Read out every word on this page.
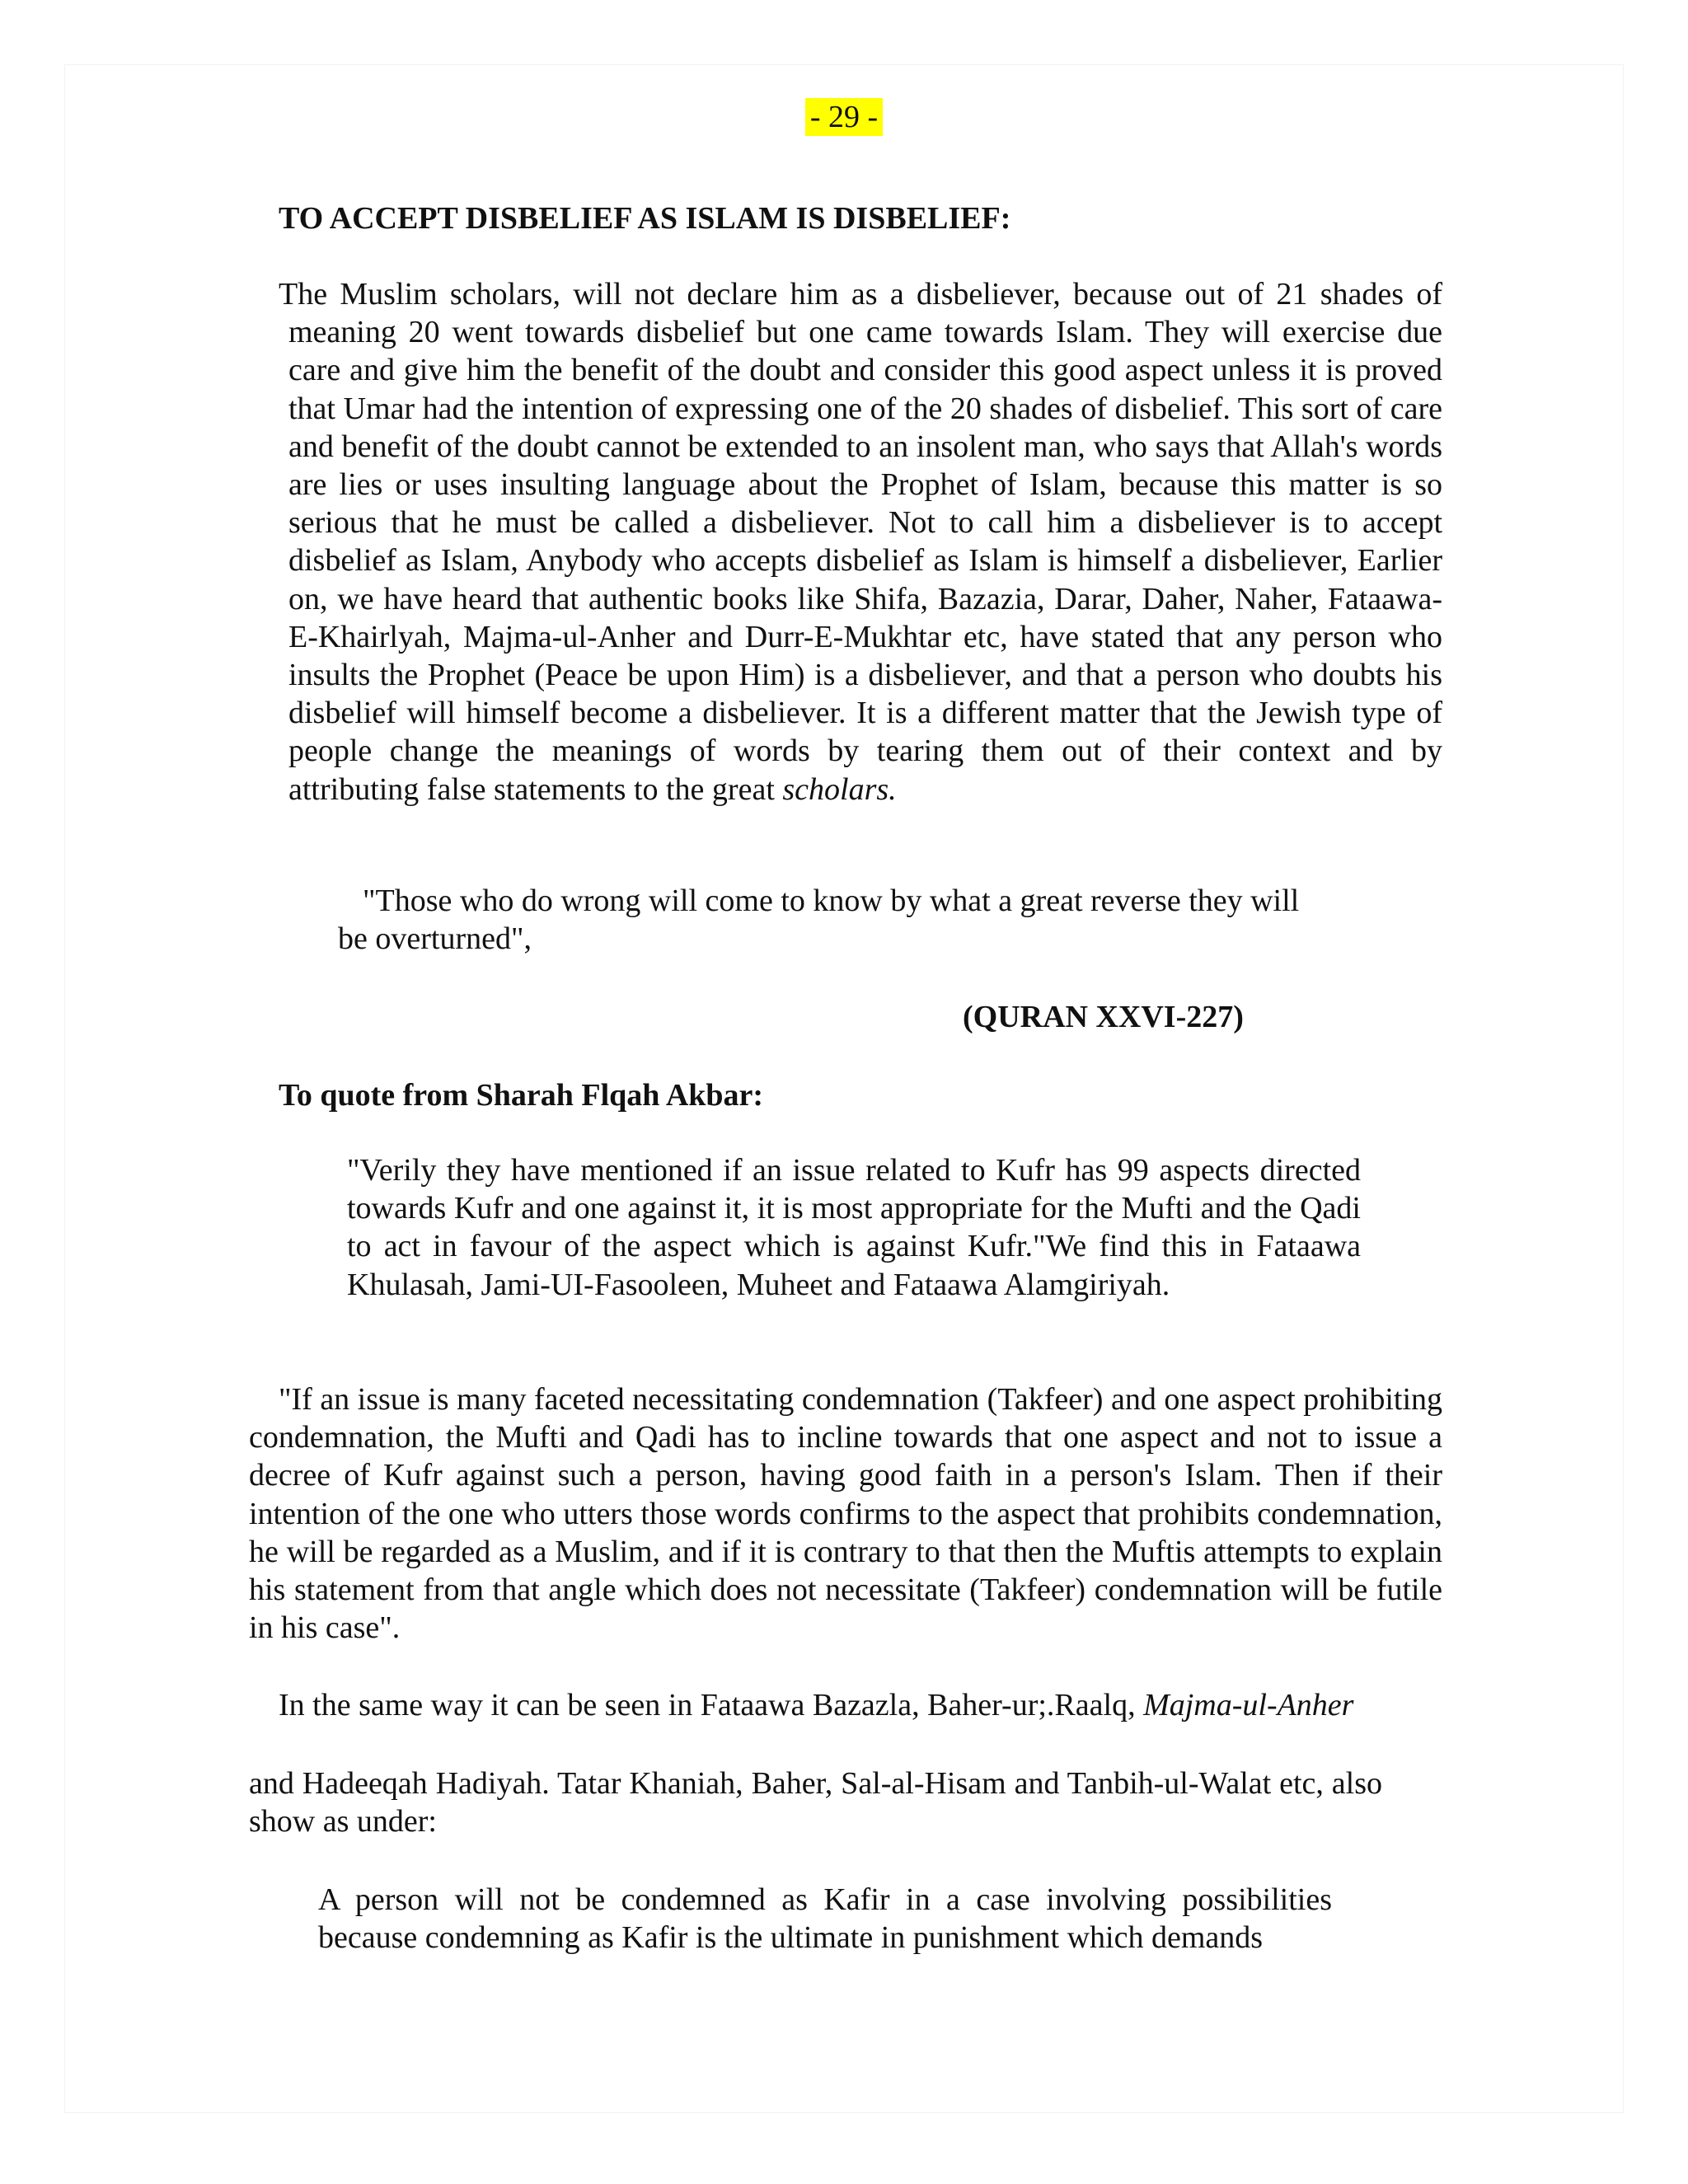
- 29 -
TO ACCEPT DISBELIEF AS ISLAM IS DISBELIEF:
The Muslim scholars, will not declare him as a disbeliever, because out of 21 shades of
meaning 20 went towards disbelief but one came towards Islam. They will exercise due care and give him the benefit of the doubt and consider this good aspect unless it is proved that Umar had the intention of expressing one of the 20 shades of disbelief. This sort of care and benefit of the doubt cannot be extended to an insolent man, who says that Allah's words are lies or uses insulting language about the Prophet of Islam, because this matter is so serious that he must be called a disbeliever. Not to call him a disbeliever is to accept disbelief as Islam, Anybody who accepts disbelief as Islam is himself a disbeliever, Earlier on, we have heard that authentic books like Shifa, Bazazia, Darar, Daher, Naher, Fataawa-E-Khairlyah, Majma-ul-Anher and Durr-E-Mukhtar etc, have stated that any person who insults the Prophet (Peace be upon Him) is a disbeliever, and that a person who doubts his disbelief will himself become a disbeliever. It is a different matter that the Jewish type of people change the meanings of words by tearing them out of their context and by attributing false statements to the great scholars.
"Those who do wrong will come to know by what a great reverse they will
be overturned",
(QURAN XXVI-227)
To quote from Sharah Flqah Akbar:
"Verily they have mentioned if an issue related to Kufr has 99 aspects directed towards Kufr and one against it, it is most appropriate for the Mufti and the Qadi to act in favour of the aspect which is against Kufr."We find this in Fataawa Khulasah, Jami-UI-Fasooleen, Muheet and Fataawa Alamgiriyah.
"If an issue is many faceted necessitating condemnation (Takfeer) and one aspect prohibiting condemnation, the Mufti and Qadi has to incline towards that one aspect and not to issue a decree of Kufr against such a person, having good faith in a person's Islam. Then if their intention of the one who utters those words confirms to the aspect that prohibits condemnation, he will be regarded as a Muslim, and if it is contrary to that then the Muftis attempts to explain his statement from that angle which does not necessitate (Takfeer) condemnation will be futile in his case".
In the same way it can be seen in Fataawa Bazazla, Baher-ur;.Raalq, Majma-ul-Anher
and Hadeeqah Hadiyah. Tatar Khaniah, Baher, Sal-al-Hisam and Tanbih-ul-Walat etc, also show as under:
A person will not be condemned as Kafir in a case involving possibilities because condemning as Kafir is the ultimate in punishment which demands
